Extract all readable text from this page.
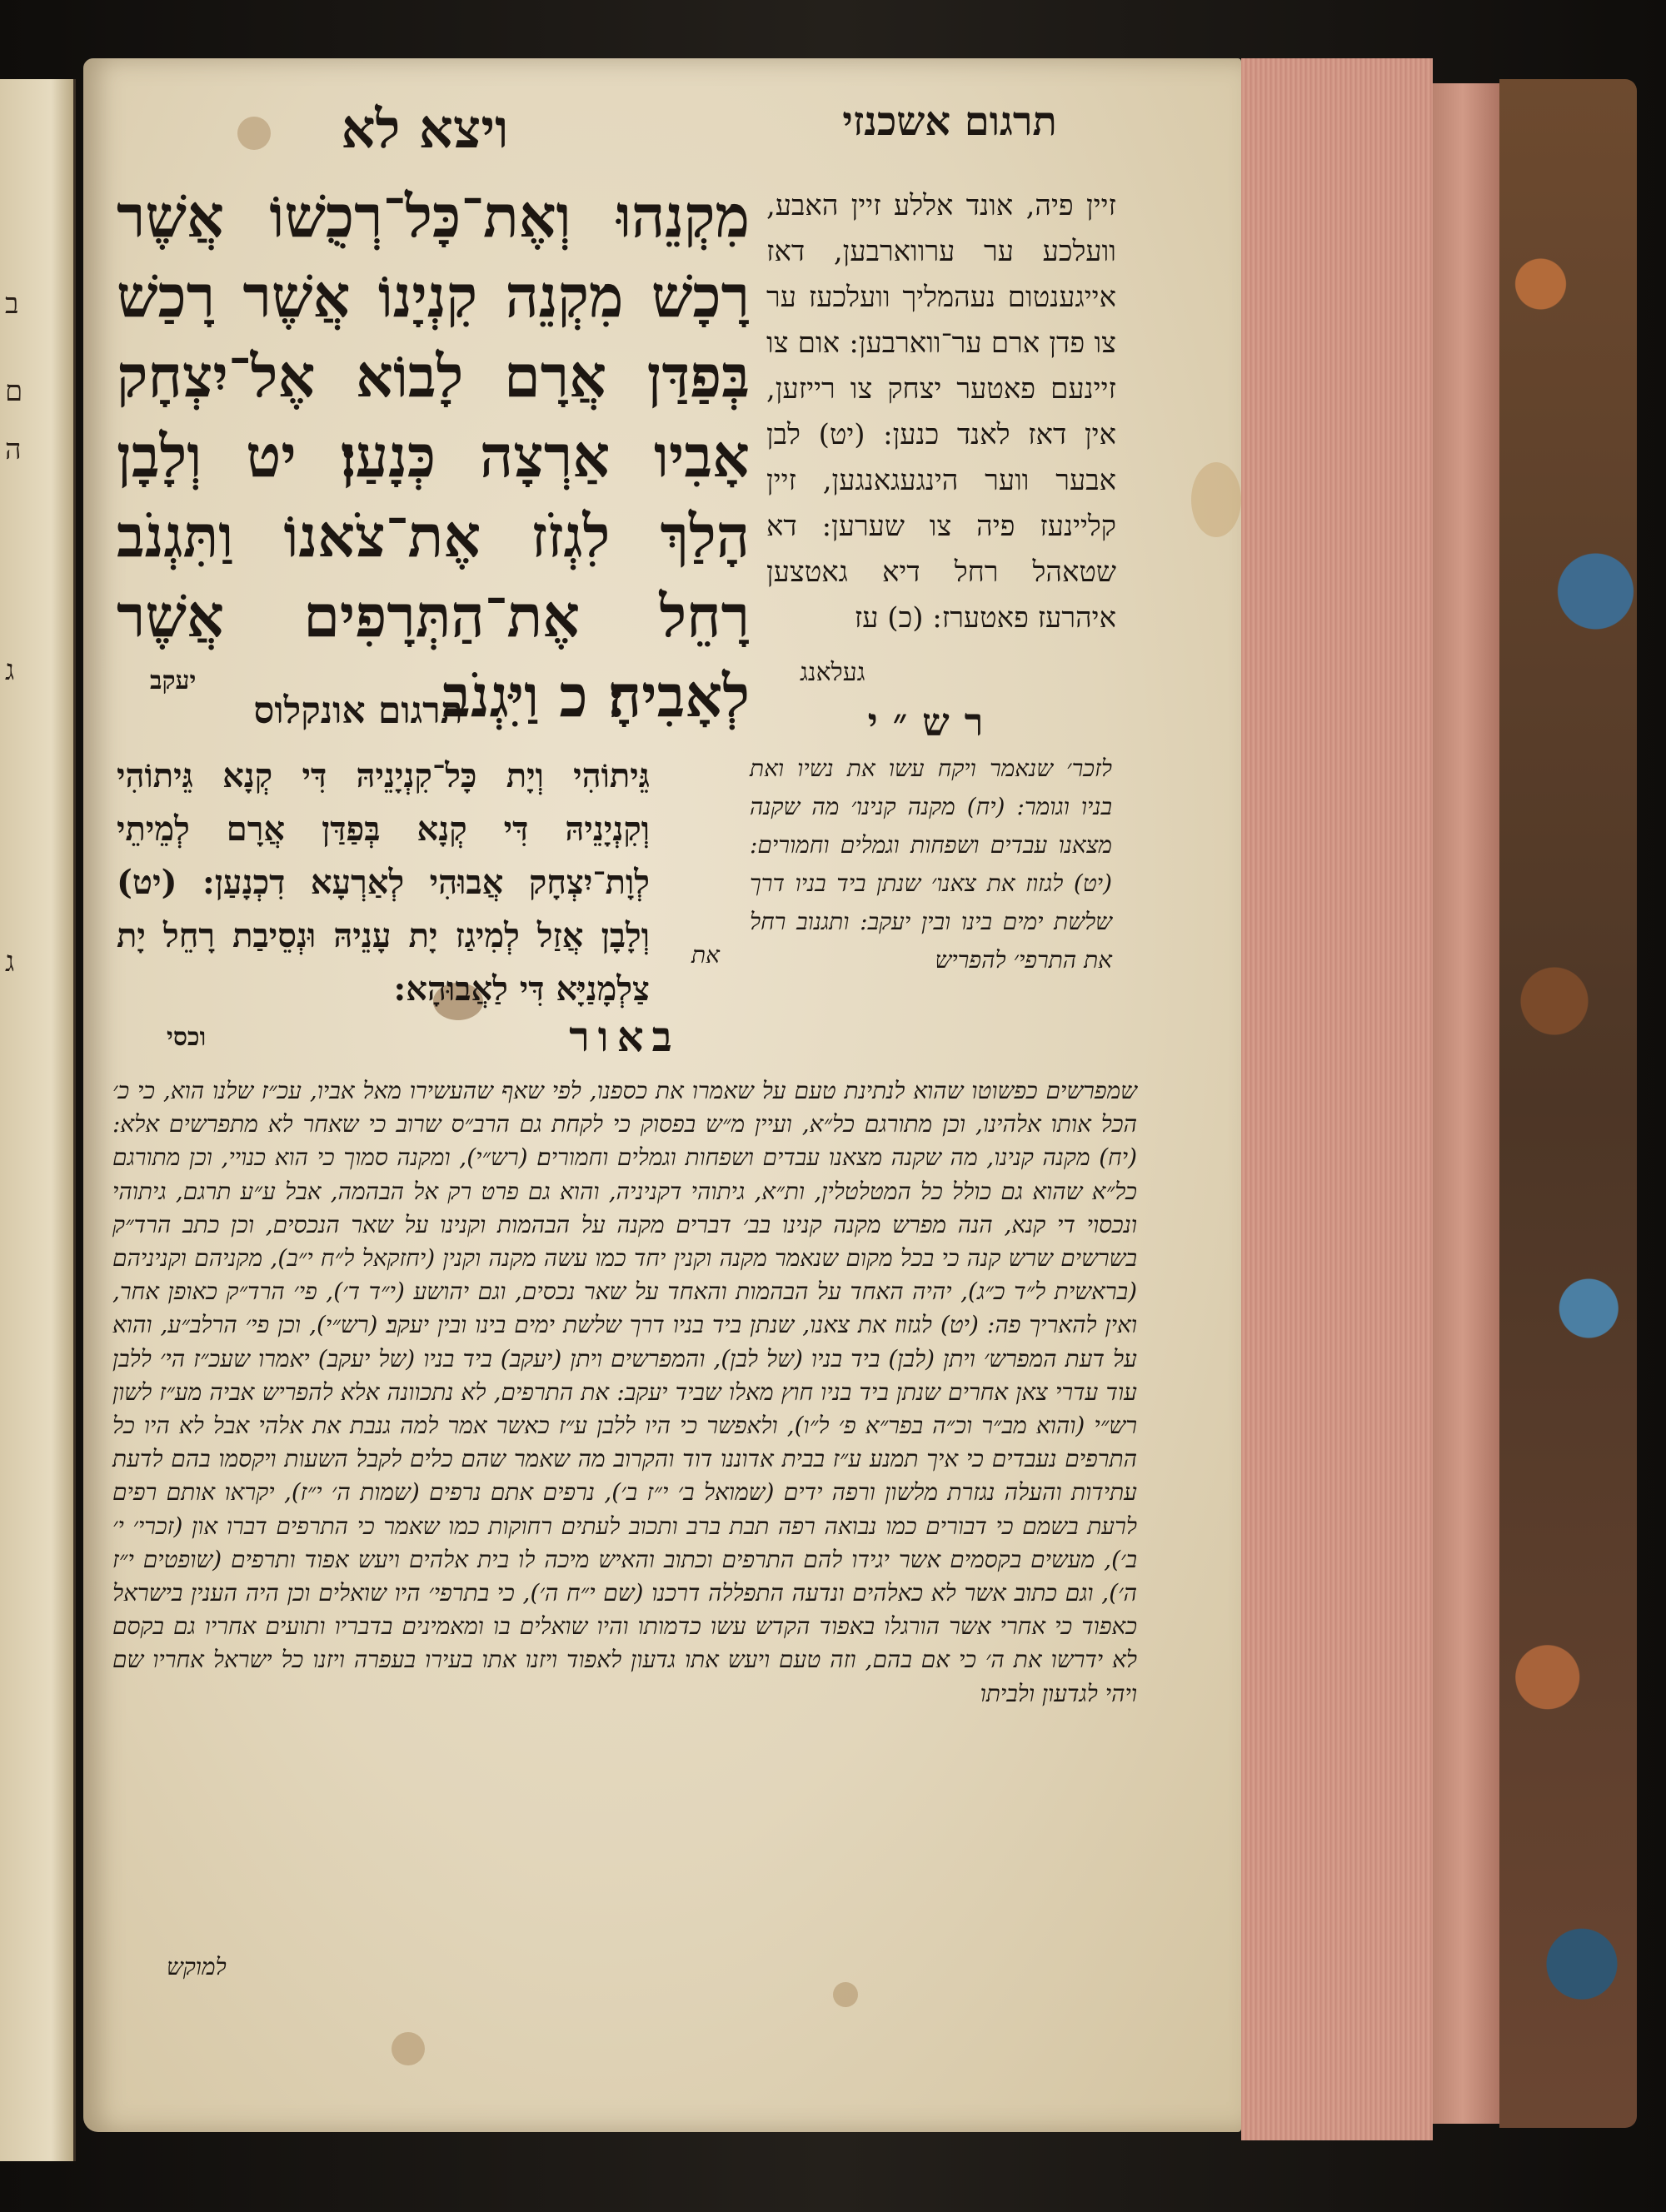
ב
ם
ה
ג
ג
ויצא לא	תרגום אשכנזי
מִקְנֵהוּ וְאֶת־כָּל־רְכֻשׁוֹ אֲשֶׁר רָכָשׁ מִקְנֵה קִנְיָנוֹ אֲשֶׁר רָכַשׁ בְּפַדַּן אֲרָם לָבוֹא אֶל־יִצְחָק אָבִיו אַרְצָה כְּנָעַן׃ יט וְלָבָן הָלַךְ לִגְזֹז אֶת־צֹאנוֹ וַתִּגְנֹב רָחֵל אֶת־הַתְּרָפִים אֲשֶׁר לְאָבִיהָ׃ כ וַיִּגְנֹב
יעקב
זיין פיה, אונד אללע זיין האבע, וועלכע ער ערווארבען, דאז אייגענטום נעהמליך וועלכעז ער צו פדן ארם ער־ווארבען: אום צו זיינעם פאטער יצחק צו רייזען, אין דאז לאנד כנען: (יט) לבן אבער ווער הינגעגאנגען, זיין קליינעז פיה צו שערען: דא שטאהל רחל דיא גאטצען איהרעז פאטערז: (כ) עז
געלאנג
תרגום אונקלוס
גֵּיתוֹהִי וְיָת כָּל־קִנְיָנֵיהּ דִּי קְנָא גֵּיתוֹהִי וְקִנְיָנֵיהּ דִּי קְנָא בְּפַדַּן אֲרָם לְמֵיתֵי לְוָת־יִצְחָק אֲבוּהִי לְאַרְעָא דִכְנָעַן: (יט) וְלָבָן אֲזַל לְמִיגַז יָת עָנֵיהּ וּנְסֵיבַת רָחֵל יָת צַלְמָנַיָּא דִּי לַאֲבוּהָא:
וכסי
רש״י
לזכר׳ שנאמר ויקח עשו את נשיו ואת בניו וגומר: (יח) מקנה קנינו׳ מה שקנה מצאנו עבדים ושפחות וגמלים וחמורים: (יט) לגזוז את צאנו׳ שנתן ביד בניו דרך שלשת ימים בינו ובין יעקב: ותגנוב רחל את התרפי׳ להפריש
את
באור
שמפרשים כפשוטו שהוא לנתינת טעם על שאמרו את כספנו, לפי שאף שהעשירו מאל אביו, עכ״ז שלנו הוא, כי כ׳ הכל אותו אלהינו, וכן מתורגם כל״א, ועיין מ״ש בפסוק כי לקחת גם הרב״ס שרוב כי שאחר לא מתפרשים אלא: (יח) מקנה קנינו, מה שקנה מצאנו עבדים ושפחות וגמלים וחמורים׃ (רש״י), ומקנה סמוך כי הוא כנויי, וכן מתורגם כל״א שהוא גם כולל כל המטלטלין, ות״א, גיתוהי דקניניה, והוא גם פרט רק אל הבהמה, אבל ע״ע תרגם, גיתוהי ונכסוי די קנא, הנה מפרש מקנה קנינו בב׳ דברים מקנה על הבהמות וקנינו על שאר הנכסים, וכן כתב הרד״ק בשרשים שרש קנה כי בכל מקום שנאמר מקנה וקנין יחד כמו עשה מקנה וקנין (יחזקאל ל״ח י״ב), מקניהם וקניניהם (בראשית ל״ד כ״ג), יהיה האחד על הבהמות והאחד על שאר נכסים, וגם יהושע (י״ד ד׳), פי׳ הרד״ק כאופן אחר, ואין להאריך פה: (יט) לגזוז את צאנו, שנתן ביד בניו דרך שלשת ימים בינו ובין יעקב׃ (רש״י), וכן פי׳ הרלב״ע, והוא על דעת המפרש׳ ויתן (לבן) ביד בניו (של לבן), והמפרשים ויתן (יעקב) ביד בניו (של יעקב) יאמרו שעכ״ז הי׳ ללבן עוד עדרי צאן אחרים שנתן ביד בניו חוץ מאלו שביד יעקב: את התרפים, לא נתכוונה אלא להפריש אביה מע״ז לשון רש״י (והוא מב״ר וכ״ה בפר״א פ׳ ל״ו), ולאפשר כי היו ללבן ע״ז כאשר אמר למה גנבת את אלהי אבל לא היו כל התרפים נעבדים כי איך תמנע ע״ז בבית אדוננו דוד והקרוב מה שאמר שהם כלים לקבל השעות ויקסמו בהם לדעת עתידות והעלה נגזרת מלשון ורפה ידים (שמואל ב׳ י״ז ב׳), נרפים אתם נרפים (שמות ה׳ י״ז), יקראו אותם רפים לרעת בשמם כי דבורים כמו נבואה רפה תבת ברב ותכוב לעתים רחוקות כמו שאמר כי התרפים דברו און (זכרי׳ י׳ ב׳), מעשים בקסמים אשר יגידו להם התרפים וכתוב והאיש מיכה לו בית אלהים ויעש אפוד ותרפים (שופטים י״ז ה׳), וגם כתוב אשר לא כאלהים ונדעה התפללה דרכנו (שם י״ח ה׳), כי בתרפי׳ היו שואלים וכן היה הענין בישראל כאפוד כי אחרי אשר הורגלו באפוד הקדש עשו כדמותו והיו שואלים בו ומאמינים בדבריו ותועים אחריו גם בקסם לא ידרשו את ה׳ כי אם בהם, וזה טעם ויעש אתו גדעון לאפוד ויזנו אתו בעירו בעפרה ויזנו כל ישראל אחריו שם ויהי לגדעון ולביתו
למוקש
